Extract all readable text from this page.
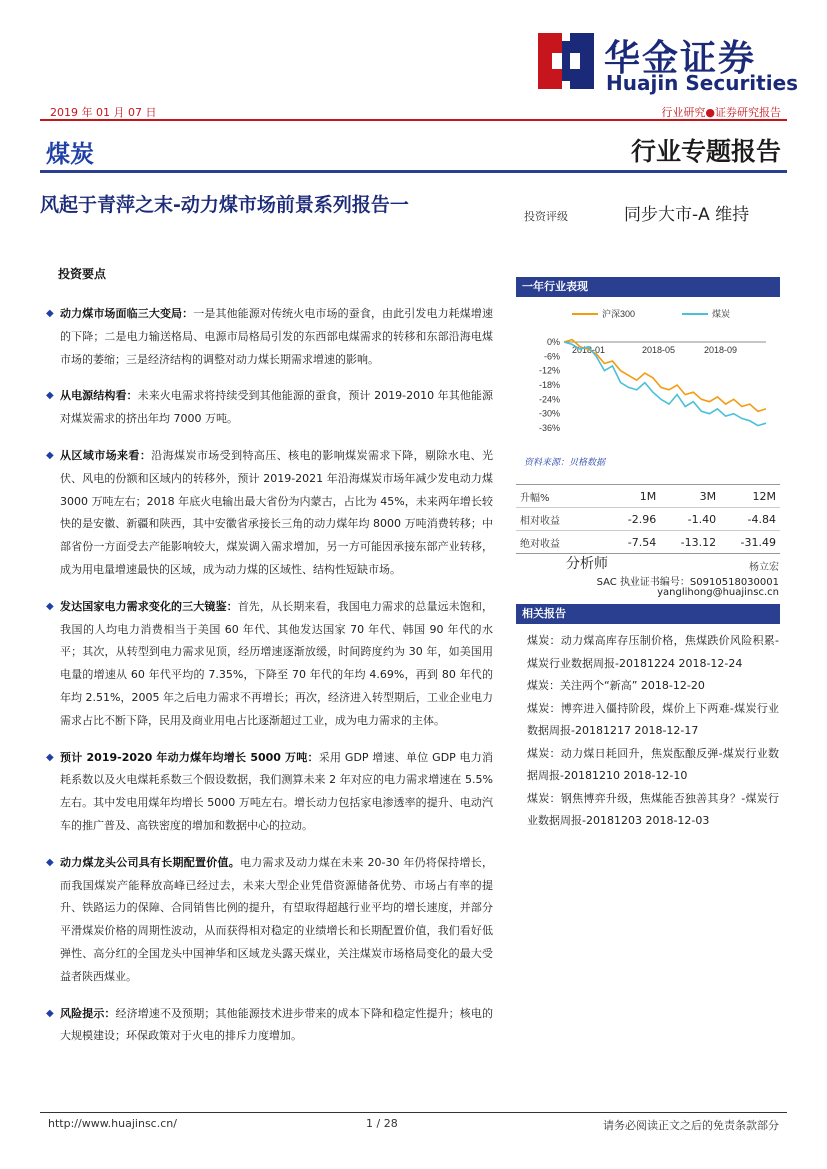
华金证券
Huajin Securities
2019 年 01 月 07 日	行业研究●证券研究报告
煤炭	行业专题报告
风起于青萍之末-动力煤市场前景系列报告一
投资评级	同步大市-A 维持
投资要点
◆ 动力煤市场面临三大变局：一是其他能源对传统火电市场的蚕食，由此引发电力耗煤增速的下降；二是电力输送格局、电源市局格局引发的东西部电煤需求的转移和东部沿海电煤市场的萎缩；三是经济结构的调整对动力煤长期需求增速的影响。
◆ 从电源结构看：未来火电需求将持续受到其他能源的蚕食，预计 2019-2010 年其他能源对煤炭需求的挤出年均 7000 万吨。
◆ 从区域市场来看：沿海煤炭市场受到特高压、核电的影响煤炭需求下降，剔除水电、光伏、风电的份额和区域内的转移外，预计 2019-2021 年沿海煤炭市场年减少发电动力煤 3000 万吨左右；2018 年底火电输出最大省份为内蒙古，占比为 45%，未来两年增长较快的是安徽、新疆和陕西，其中安徽省承接长三角的动力煤年均 8000 万吨消费转移；中部省份一方面受去产能影响较大，煤炭调入需求增加，另一方可能因承接东部产业转移，成为用电量增速最快的区域，成为动力煤的区域性、结构性短缺市场。
◆ 发达国家电力需求变化的三大镜鉴：首先，从长期来看，我国电力需求的总量远未饱和，我国的人均电力消费相当于美国 60 年代、其他发达国家 70 年代、韩国 90 年代的水平；其次，从转型到电力需求见顶，经历增速逐渐放缓，时间跨度约为 30 年，如美国用电量的增速从 60 年代平均的 7.35%，下降至 70 年代的年均 4.69%，再到 80 年代的年均 2.51%，2005 年之后电力需求不再增长；再次，经济进入转型期后，工业企业电力需求占比不断下降，民用及商业用电占比逐渐超过工业，成为电力需求的主体。
◆ 预计 2019-2020 年动力煤年均增长 5000 万吨：采用 GDP 增速、单位 GDP 电力消耗系数以及火电煤耗系数三个假设数据，我们测算未来 2 年对应的电力需求增速在 5.5%左右。其中发电用煤年均增长 5000 万吨左右。增长动力包括家电渗透率的提升、电动汽车的推广普及、高铁密度的增加和数据中心的拉动。
◆ 动力煤龙头公司具有长期配置价值。电力需求及动力煤在未来 20-30 年仍将保持增长，而我国煤炭产能释放高峰已经过去，未来大型企业凭借资源储备优势、市场占有率的提升、铁路运力的保障、合同销售比例的提升，有望取得超越行业平均的增长速度，并部分平滑煤炭价格的周期性波动，从而获得相对稳定的业绩增长和长期配置价值，我们看好低弹性、高分红的全国龙头中国神华和区域龙头露天煤业，关注煤炭市场格局变化的最大受益者陕西煤业。
◆ 风险提示：经济增速不及预期；其他能源技术进步带来的成本下降和稳定性提升；核电的大规模建设；环保政策对于火电的排斥力度增加。
一年行业表现
0%
-6%
-12%
-18%
-24%
-30%
-36%
2018-01	2018-05	2018-09
沪深300	煤炭
资料来源：贝格数据
升幅%	1M	3M	12M
相对收益	-2.96	-1.40	-4.84
绝对收益	-7.54	-13.12	-31.49
分析师	杨立宏
SAC 执业证书编号：S0910518030001
yanglihong@huajinsc.cn
相关报告
煤炭：动力煤高库存压制价格，焦煤跌价风险积累-煤炭行业数据周报-20181224 2018-12-24
煤炭：关注两个“新高” 2018-12-20
煤炭：博弈进入僵持阶段，煤价上下两难-煤炭行业数据周报-20181217 2018-12-17
煤炭：动力煤日耗回升，焦炭酝酿反弹-煤炭行业数据周报-20181210 2018-12-10
煤炭：钢焦博弈升级，焦煤能否独善其身？-煤炭行业数据周报-20181203 2018-12-03
http://www.huajinsc.cn/	1 / 28	请务必阅读正文之后的免责条款部分
